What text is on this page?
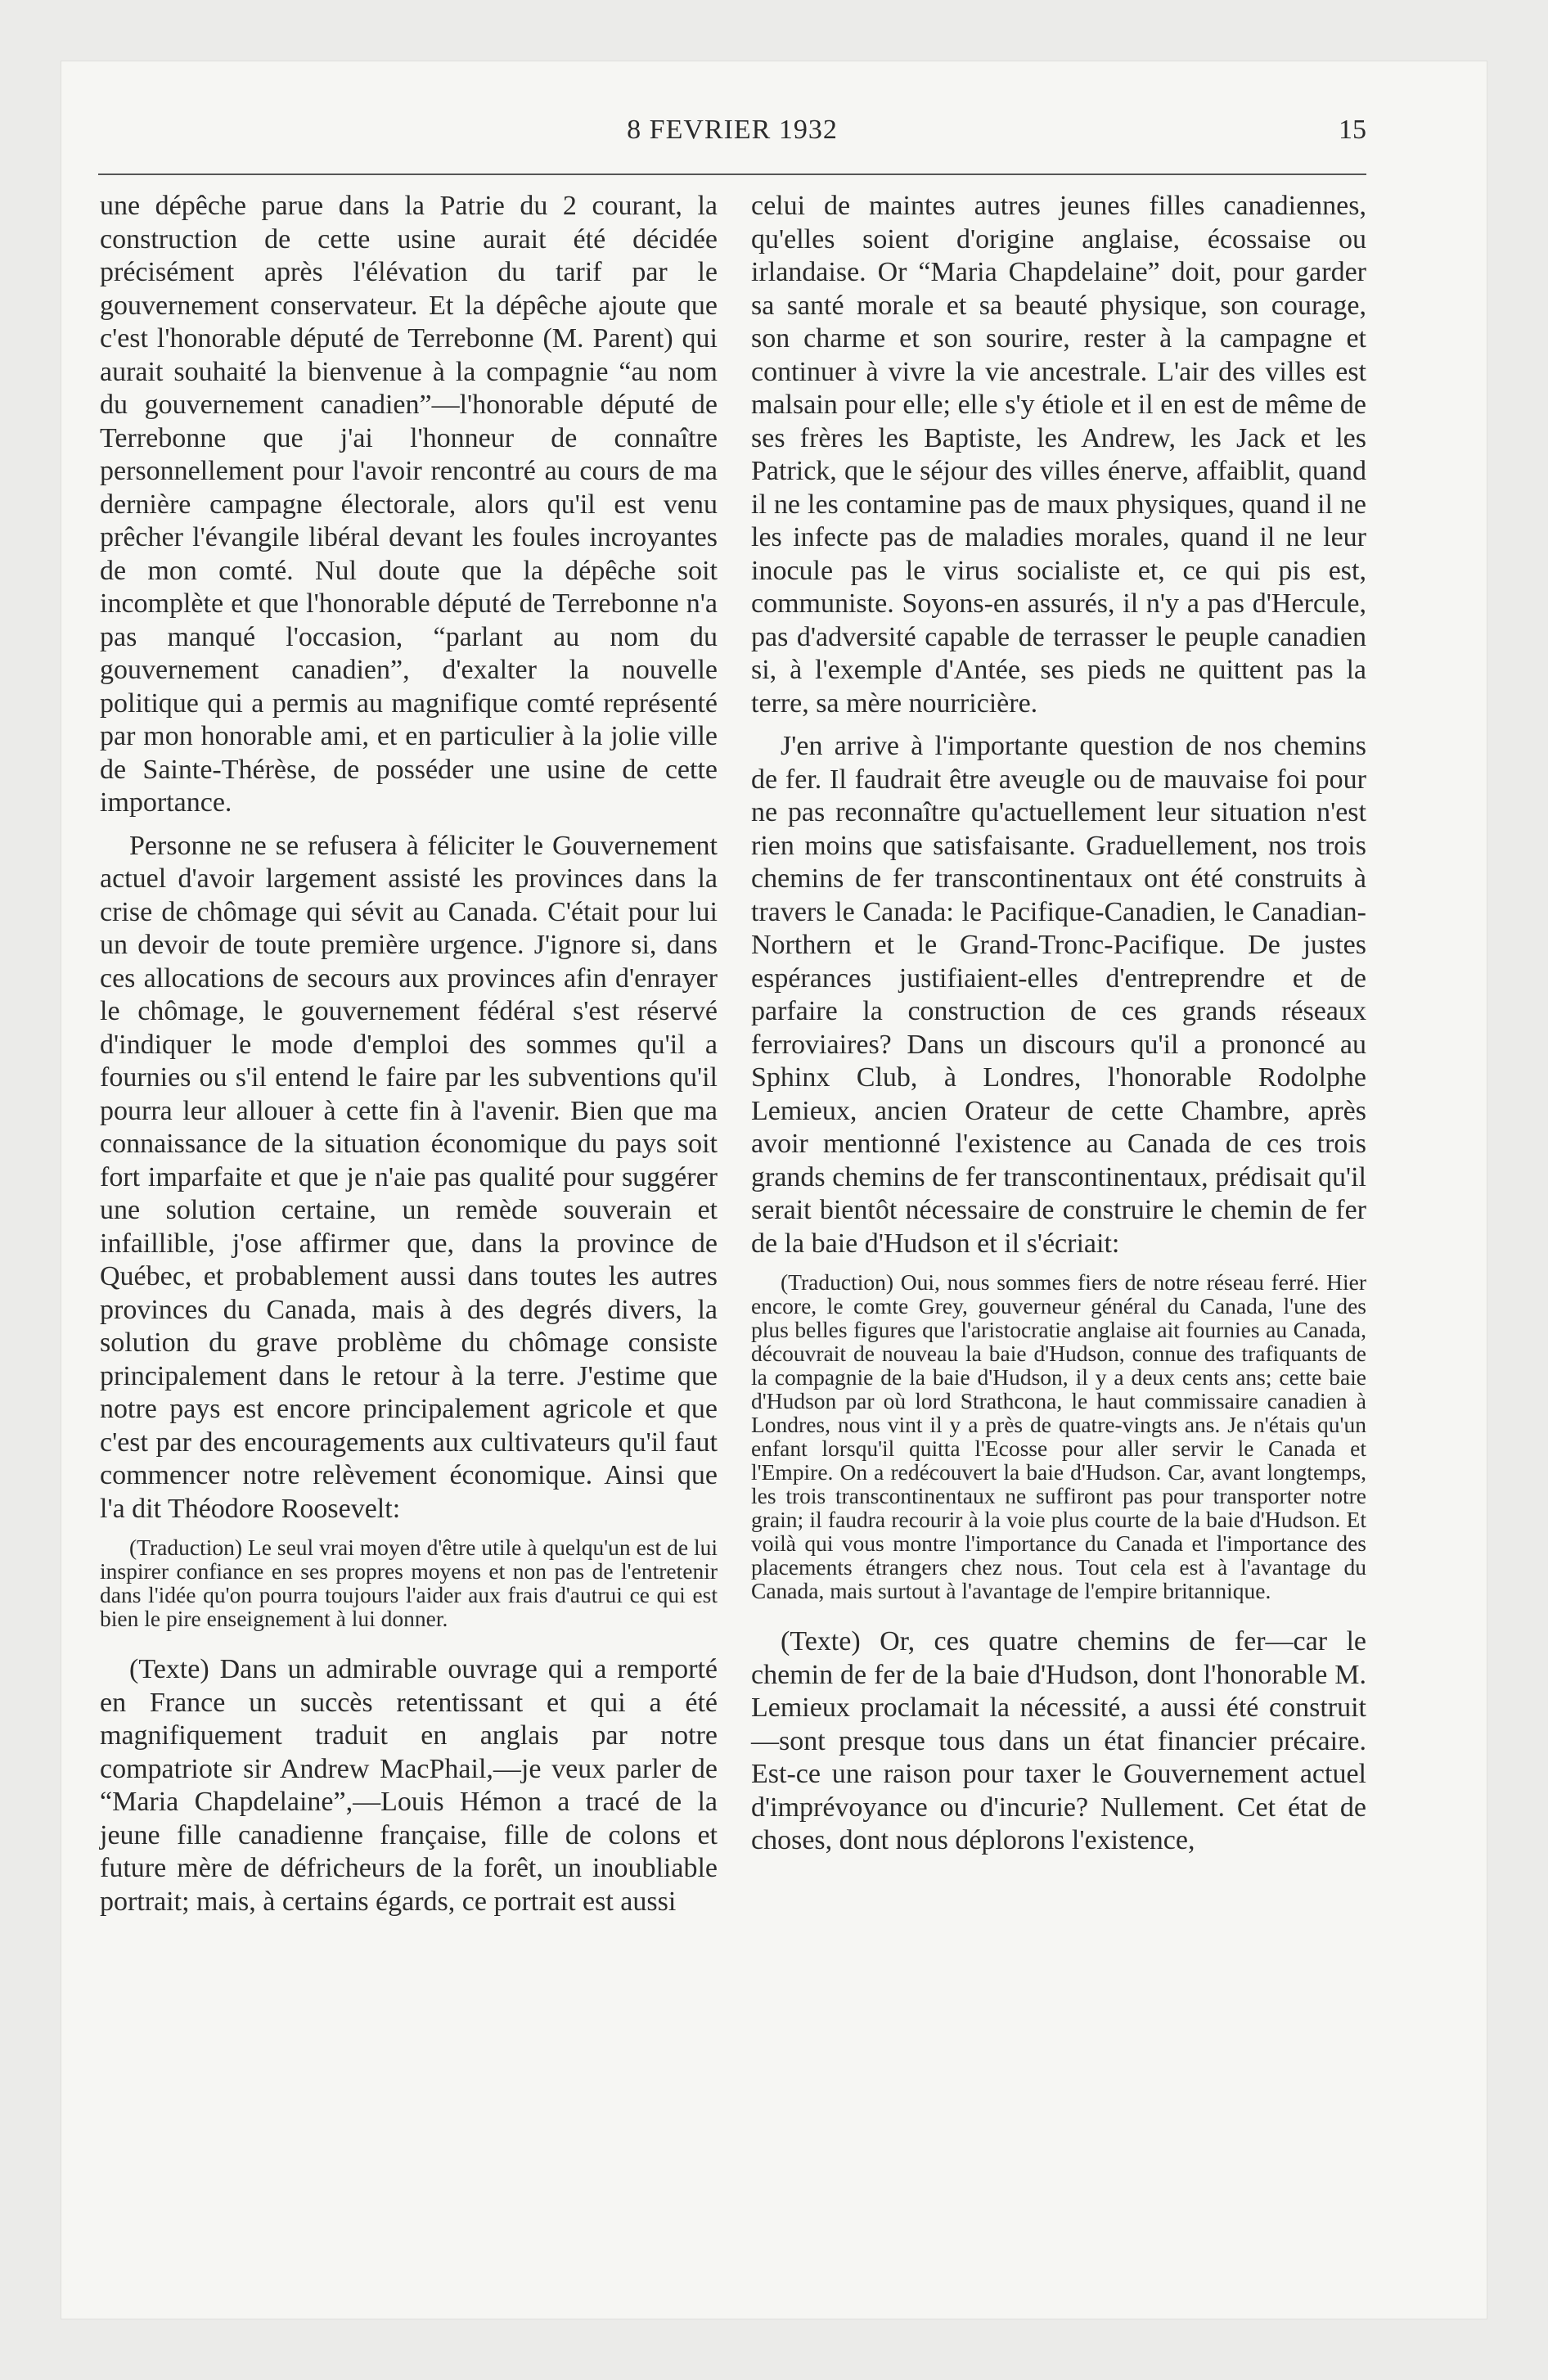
8 FEVRIER 1932	15

une dépêche parue dans la Patrie du 2 courant, la construction de cette usine aurait été décidée précisément après l'élévation du tarif par le gouvernement conservateur. Et la dépêche ajoute que c'est l'honorable député de Terrebonne (M. Parent) qui aurait souhaité la bienvenue à la compagnie “au nom du gouvernement canadien”—l'honorable député de Terrebonne que j'ai l'honneur de connaître personnellement pour l'avoir rencontré au cours de ma dernière campagne électorale, alors qu'il est venu prêcher l'évangile libéral devant les foules incroyantes de mon comté. Nul doute que la dépêche soit incomplète et que l'honorable député de Terrebonne n'a pas manqué l'occasion, “parlant au nom du gouvernement canadien”, d'exalter la nouvelle politique qui a permis au magnifique comté représenté par mon honorable ami, et en particulier à la jolie ville de Sainte-Thérèse, de posséder une usine de cette importance.

Personne ne se refusera à féliciter le Gouvernement actuel d'avoir largement assisté les provinces dans la crise de chômage qui sévit au Canada. C'était pour lui un devoir de toute première urgence. J'ignore si, dans ces allocations de secours aux provinces afin d'enrayer le chômage, le gouvernement fédéral s'est réservé d'indiquer le mode d'emploi des sommes qu'il a fournies ou s'il entend le faire par les subventions qu'il pourra leur allouer à cette fin à l'avenir. Bien que ma connaissance de la situation économique du pays soit fort imparfaite et que je n'aie pas qualité pour suggérer une solution certaine, un remède souverain et infaillible, j'ose affirmer que, dans la province de Québec, et probablement aussi dans toutes les autres provinces du Canada, mais à des degrés divers, la solution du grave problème du chômage consiste principalement dans le retour à la terre. J'estime que notre pays est encore principalement agricole et que c'est par des encouragements aux cultivateurs qu'il faut commencer notre relèvement économique. Ainsi que l'a dit Théodore Roosevelt:

(Traduction) Le seul vrai moyen d'être utile à quelqu'un est de lui inspirer confiance en ses propres moyens et non pas de l'entretenir dans l'idée qu'on pourra toujours l'aider aux frais d'autrui ce qui est bien le pire enseignement à lui donner.

(Texte) Dans un admirable ouvrage qui a remporté en France un succès retentissant et qui a été magnifiquement traduit en anglais par notre compatriote sir Andrew MacPhail,—je veux parler de “Maria Chapdelaine”,—Louis Hémon a tracé de la jeune fille canadienne française, fille de colons et future mère de défricheurs de la forêt, un inoubliable portrait; mais, à certains égards, ce portrait est aussi

celui de maintes autres jeunes filles canadiennes, qu'elles soient d'origine anglaise, écossaise ou irlandaise. Or “Maria Chapdelaine” doit, pour garder sa santé morale et sa beauté physique, son courage, son charme et son sourire, rester à la campagne et continuer à vivre la vie ancestrale. L'air des villes est malsain pour elle; elle s'y étiole et il en est de même de ses frères les Baptiste, les Andrew, les Jack et les Patrick, que le séjour des villes énerve, affaiblit, quand il ne les contamine pas de maux physiques, quand il ne les infecte pas de maladies morales, quand il ne leur inocule pas le virus socialiste et, ce qui pis est, communiste. Soyons-en assurés, il n'y a pas d'Hercule, pas d'adversité capable de terrasser le peuple canadien si, à l'exemple d'Antée, ses pieds ne quittent pas la terre, sa mère nourricière.

J'en arrive à l'importante question de nos chemins de fer. Il faudrait être aveugle ou de mauvaise foi pour ne pas reconnaître qu'actuellement leur situation n'est rien moins que satisfaisante. Graduellement, nos trois chemins de fer transcontinentaux ont été construits à travers le Canada: le Pacifique-Canadien, le Canadian-Northern et le Grand-Tronc-Pacifique. De justes espérances justifiaient-elles d'entreprendre et de parfaire la construction de ces grands réseaux ferroviaires? Dans un discours qu'il a prononcé au Sphinx Club, à Londres, l'honorable Rodolphe Lemieux, ancien Orateur de cette Chambre, après avoir mentionné l'existence au Canada de ces trois grands chemins de fer transcontinentaux, prédisait qu'il serait bientôt nécessaire de construire le chemin de fer de la baie d'Hudson et il s'écriait:

(Traduction) Oui, nous sommes fiers de notre réseau ferré. Hier encore, le comte Grey, gouverneur général du Canada, l'une des plus belles figures que l'aristocratie anglaise ait fournies au Canada, découvrait de nouveau la baie d'Hudson, connue des trafiquants de la compagnie de la baie d'Hudson, il y a deux cents ans; cette baie d'Hudson par où lord Strathcona, le haut commissaire canadien à Londres, nous vint il y a près de quatre-vingts ans. Je n'étais qu'un enfant lorsqu'il quitta l'Ecosse pour aller servir le Canada et l'Empire. On a redécouvert la baie d'Hudson. Car, avant longtemps, les trois transcontinentaux ne suffiront pas pour transporter notre grain; il faudra recourir à la voie plus courte de la baie d'Hudson. Et voilà qui vous montre l'importance du Canada et l'importance des placements étrangers chez nous. Tout cela est à l'avantage du Canada, mais surtout à l'avantage de l'empire britannique.

(Texte) Or, ces quatre chemins de fer—car le chemin de fer de la baie d'Hudson, dont l'honorable M. Lemieux proclamait la nécessité, a aussi été construit—sont presque tous dans un état financier précaire. Est-ce une raison pour taxer le Gouvernement actuel d'imprévoyance ou d'incurie? Nullement. Cet état de choses, dont nous déplorons l'existence,
